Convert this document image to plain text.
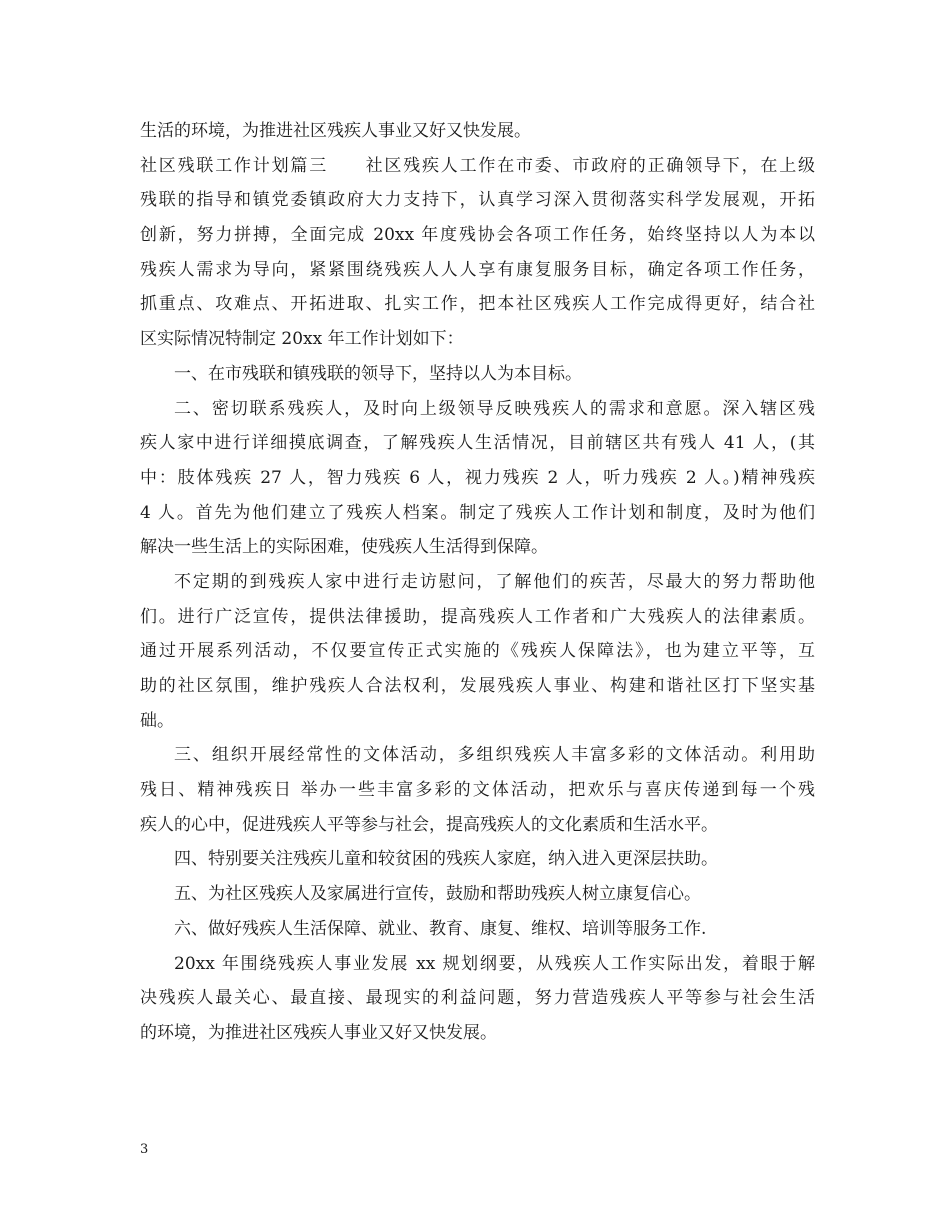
生活的环境，为推进社区残疾人事业又好又快发展。
社区残联工作计划篇三　　社区残疾人工作在市委、市政府的正确领导下，在上级
残联的指导和镇党委镇政府大力支持下，认真学习深入贯彻落实科学发展观，开拓
创新，努力拼搏，全面完成 20xx 年度残协会各项工作任务，始终坚持以人为本以
残疾人需求为导向，紧紧围绕残疾人人人享有康复服务目标，确定各项工作任务，
抓重点、攻难点、开拓进取、扎实工作，把本社区残疾人工作完成得更好，结合社
区实际情况特制定 20xx 年工作计划如下：
一、在市残联和镇残联的领导下，坚持以人为本目标。
二、密切联系残疾人，及时向上级领导反映残疾人的需求和意愿。深入辖区残
疾人家中进行详细摸底调查，了解残疾人生活情况，目前辖区共有残人 41 人，(其
中：肢体残疾 27 人，智力残疾 6 人，视力残疾 2 人，听力残疾 2 人。)精神残疾
4 人。首先为他们建立了残疾人档案。制定了残疾人工作计划和制度，及时为他们
解决一些生活上的实际困难，使残疾人生活得到保障。
不定期的到残疾人家中进行走访慰问，了解他们的疾苦，尽最大的努力帮助他
们。进行广泛宣传，提供法律援助，提高残疾人工作者和广大残疾人的法律素质。
通过开展系列活动，不仅要宣传正式实施的《残疾人保障法》，也为建立平等，互
助的社区氛围，维护残疾人合法权利，发展残疾人事业、构建和谐社区打下坚实基
础。
三、组织开展经常性的文体活动，多组织残疾人丰富多彩的文体活动。利用助
残日、精神残疾日 举办一些丰富多彩的文体活动，把欢乐与喜庆传递到每一个残
疾人的心中，促进残疾人平等参与社会，提高残疾人的文化素质和生活水平。
四、特别要关注残疾儿童和较贫困的残疾人家庭，纳入进入更深层扶助。
五、为社区残疾人及家属进行宣传，鼓励和帮助残疾人树立康复信心。
六、做好残疾人生活保障、就业、教育、康复、维权、培训等服务工作.
20xx 年围绕残疾人事业发展 xx 规划纲要，从残疾人工作实际出发，着眼于解
决残疾人最关心、最直接、最现实的利益问题，努力营造残疾人平等参与社会生活
的环境，为推进社区残疾人事业又好又快发展。
3
